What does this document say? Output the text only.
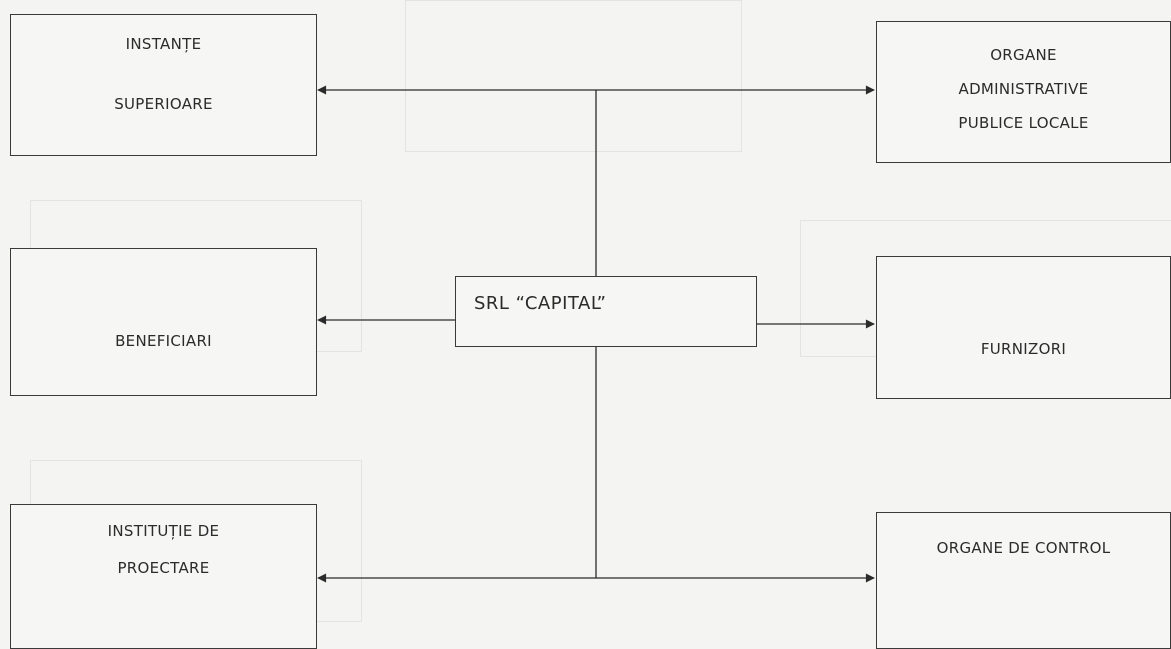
INSTANȚE
SUPERIOARE
BENEFICIARI
INSTITUȚIE DE
PROECTARE
SRL “CAPITAL”
ORGANE
ADMINISTRATIVE
PUBLICE LOCALE
FURNIZORI
ORGANE DE CONTROL
